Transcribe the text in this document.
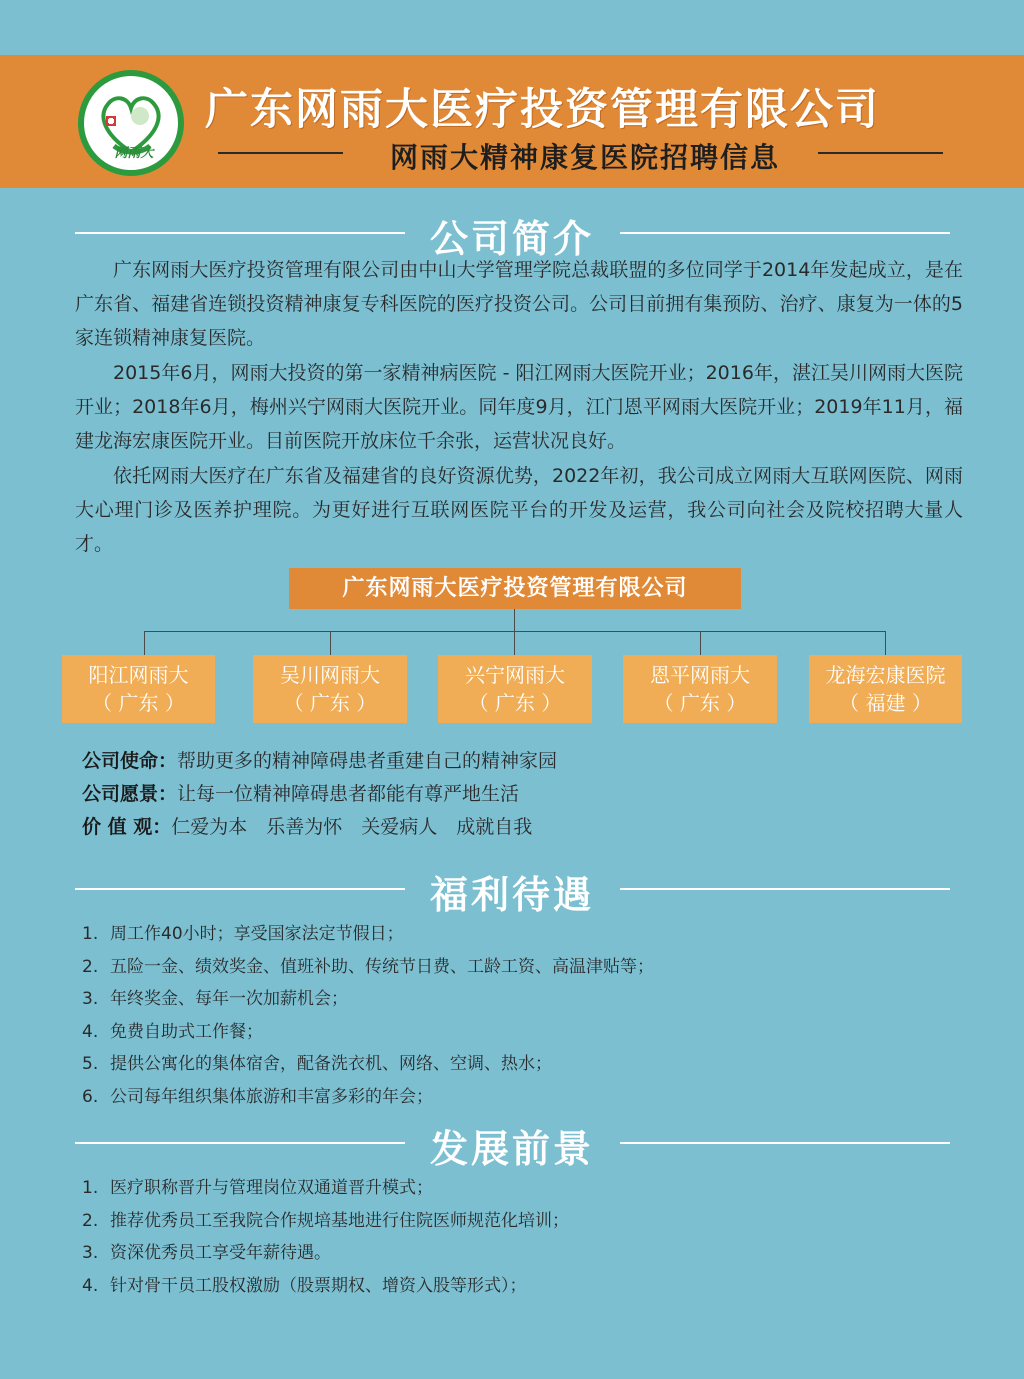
网雨大
广东网雨大医疗投资管理有限公司
网雨大精神康复医院招聘信息
公司简介
广东网雨大医疗投资管理有限公司由中山大学管理学院总裁联盟的多位同学于2014年发起成立，是在广东省、福建省连锁投资精神康复专科医院的医疗投资公司。公司目前拥有集预防、治疗、康复为一体的5家连锁精神康复医院。
2015年6月，网雨大投资的第一家精神病医院 - 阳江网雨大医院开业；2016年，湛江吴川网雨大医院开业；2018年6月，梅州兴宁网雨大医院开业。同年度9月，江门恩平网雨大医院开业；2019年11月，福建龙海宏康医院开业。目前医院开放床位千余张，运营状况良好。
依托网雨大医疗在广东省及福建省的良好资源优势，2022年初，我公司成立网雨大互联网医院、网雨大心理门诊及医养护理院。为更好进行互联网医院平台的开发及运营，我公司向社会及院校招聘大量人才。
广东网雨大医疗投资管理有限公司
阳江网雨大
（ 广东 ）
吴川网雨大
（ 广东 ）
兴宁网雨大
（ 广东 ）
恩平网雨大
（ 广东 ）
龙海宏康医院
（ 福建 ）
公司使命：帮助更多的精神障碍患者重建自己的精神家园
公司愿景：让每一位精神障碍患者都能有尊严地生活
价 值 观：仁爱为本　乐善为怀　关爱病人　成就自我
福利待遇
1. 周工作40小时；享受国家法定节假日；
2. 五险一金、绩效奖金、值班补助、传统节日费、工龄工资、高温津贴等；
3. 年终奖金、每年一次加薪机会；
4. 免费自助式工作餐；
5. 提供公寓化的集体宿舍，配备洗衣机、网络、空调、热水；
6. 公司每年组织集体旅游和丰富多彩的年会；
发展前景
1. 医疗职称晋升与管理岗位双通道晋升模式；
2. 推荐优秀员工至我院合作规培基地进行住院医师规范化培训；
3. 资深优秀员工享受年薪待遇。
4. 针对骨干员工股权激励（股票期权、增资入股等形式）；
